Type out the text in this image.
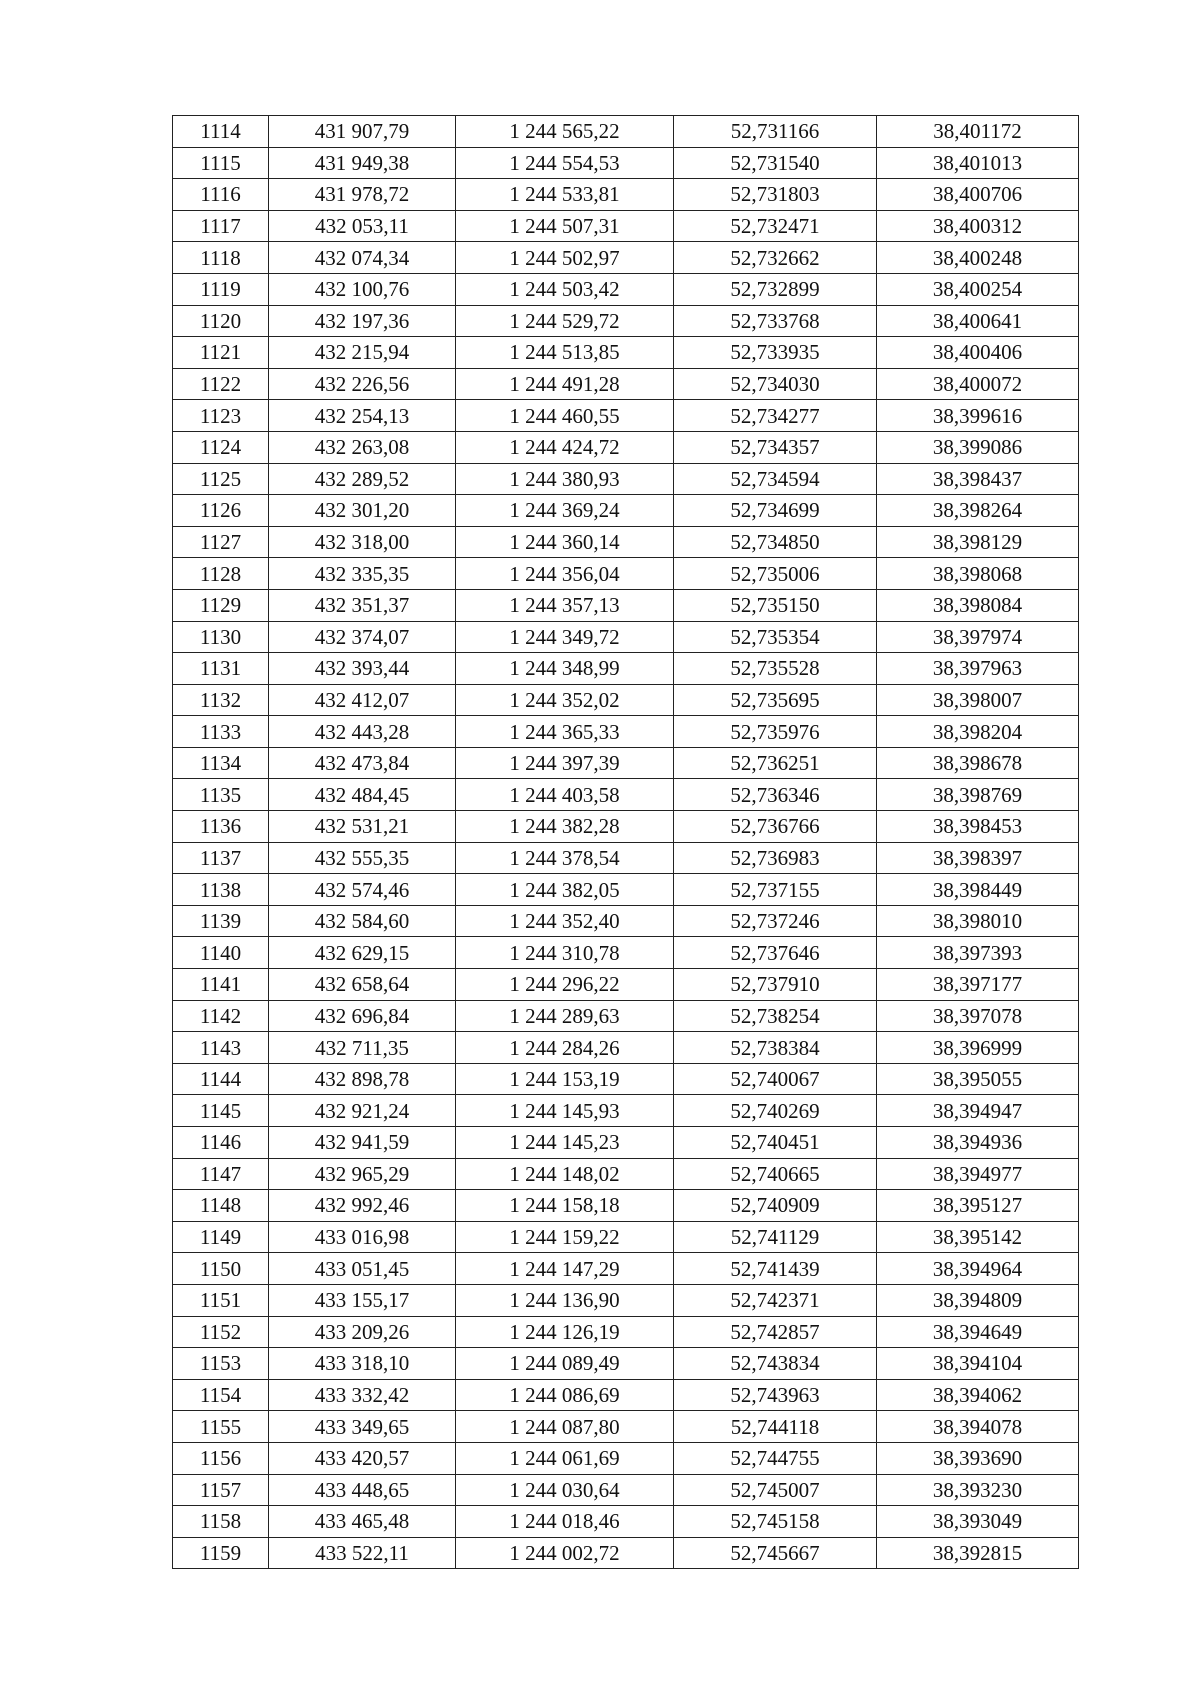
1114	431 907,79	1 244 565,22	52,731166	38,401172
1115	431 949,38	1 244 554,53	52,731540	38,401013
1116	431 978,72	1 244 533,81	52,731803	38,400706
1117	432 053,11	1 244 507,31	52,732471	38,400312
1118	432 074,34	1 244 502,97	52,732662	38,400248
1119	432 100,76	1 244 503,42	52,732899	38,400254
1120	432 197,36	1 244 529,72	52,733768	38,400641
1121	432 215,94	1 244 513,85	52,733935	38,400406
1122	432 226,56	1 244 491,28	52,734030	38,400072
1123	432 254,13	1 244 460,55	52,734277	38,399616
1124	432 263,08	1 244 424,72	52,734357	38,399086
1125	432 289,52	1 244 380,93	52,734594	38,398437
1126	432 301,20	1 244 369,24	52,734699	38,398264
1127	432 318,00	1 244 360,14	52,734850	38,398129
1128	432 335,35	1 244 356,04	52,735006	38,398068
1129	432 351,37	1 244 357,13	52,735150	38,398084
1130	432 374,07	1 244 349,72	52,735354	38,397974
1131	432 393,44	1 244 348,99	52,735528	38,397963
1132	432 412,07	1 244 352,02	52,735695	38,398007
1133	432 443,28	1 244 365,33	52,735976	38,398204
1134	432 473,84	1 244 397,39	52,736251	38,398678
1135	432 484,45	1 244 403,58	52,736346	38,398769
1136	432 531,21	1 244 382,28	52,736766	38,398453
1137	432 555,35	1 244 378,54	52,736983	38,398397
1138	432 574,46	1 244 382,05	52,737155	38,398449
1139	432 584,60	1 244 352,40	52,737246	38,398010
1140	432 629,15	1 244 310,78	52,737646	38,397393
1141	432 658,64	1 244 296,22	52,737910	38,397177
1142	432 696,84	1 244 289,63	52,738254	38,397078
1143	432 711,35	1 244 284,26	52,738384	38,396999
1144	432 898,78	1 244 153,19	52,740067	38,395055
1145	432 921,24	1 244 145,93	52,740269	38,394947
1146	432 941,59	1 244 145,23	52,740451	38,394936
1147	432 965,29	1 244 148,02	52,740665	38,394977
1148	432 992,46	1 244 158,18	52,740909	38,395127
1149	433 016,98	1 244 159,22	52,741129	38,395142
1150	433 051,45	1 244 147,29	52,741439	38,394964
1151	433 155,17	1 244 136,90	52,742371	38,394809
1152	433 209,26	1 244 126,19	52,742857	38,394649
1153	433 318,10	1 244 089,49	52,743834	38,394104
1154	433 332,42	1 244 086,69	52,743963	38,394062
1155	433 349,65	1 244 087,80	52,744118	38,394078
1156	433 420,57	1 244 061,69	52,744755	38,393690
1157	433 448,65	1 244 030,64	52,745007	38,393230
1158	433 465,48	1 244 018,46	52,745158	38,393049
1159	433 522,11	1 244 002,72	52,745667	38,392815
